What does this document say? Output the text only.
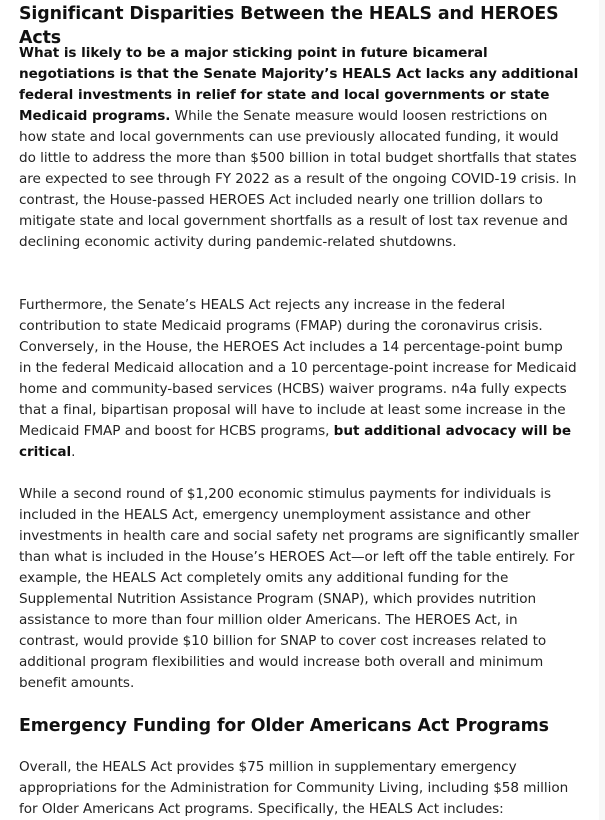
Significant Disparities Between the HEALS and HEROES Acts

What is likely to be a major sticking point in future bicameral negotiations is that the Senate Majority’s HEALS Act lacks any additional federal investments in relief for state and local governments or state Medicaid programs. While the Senate measure would loosen restrictions on how state and local governments can use previously allocated funding, it would do little to address the more than $500 billion in total budget shortfalls that states are expected to see through FY 2022 as a result of the ongoing COVID-19 crisis. In contrast, the House-passed HEROES Act included nearly one trillion dollars to mitigate state and local government shortfalls as a result of lost tax revenue and declining economic activity during pandemic-related shutdowns.

Furthermore, the Senate’s HEALS Act rejects any increase in the federal contribution to state Medicaid programs (FMAP) during the coronavirus crisis. Conversely, in the House, the HEROES Act includes a 14 percentage-point bump in the federal Medicaid allocation and a 10 percentage-point increase for Medicaid home and community-based services (HCBS) waiver programs. n4a fully expects that a final, bipartisan proposal will have to include at least some increase in the Medicaid FMAP and boost for HCBS programs, but additional advocacy will be critical.

While a second round of $1,200 economic stimulus payments for individuals is included in the HEALS Act, emergency unemployment assistance and other investments in health care and social safety net programs are significantly smaller than what is included in the House’s HEROES Act—or left off the table entirely. For example, the HEALS Act completely omits any additional funding for the Supplemental Nutrition Assistance Program (SNAP), which provides nutrition assistance to more than four million older Americans. The HEROES Act, in contrast, would provide $10 billion for SNAP to cover cost increases related to additional program flexibilities and would increase both overall and minimum benefit amounts.

Emergency Funding for Older Americans Act Programs

Overall, the HEALS Act provides $75 million in supplementary emergency appropriations for the Administration for Community Living, including $58 million for Older Americans Act programs. Specifically, the HEALS Act includes:
